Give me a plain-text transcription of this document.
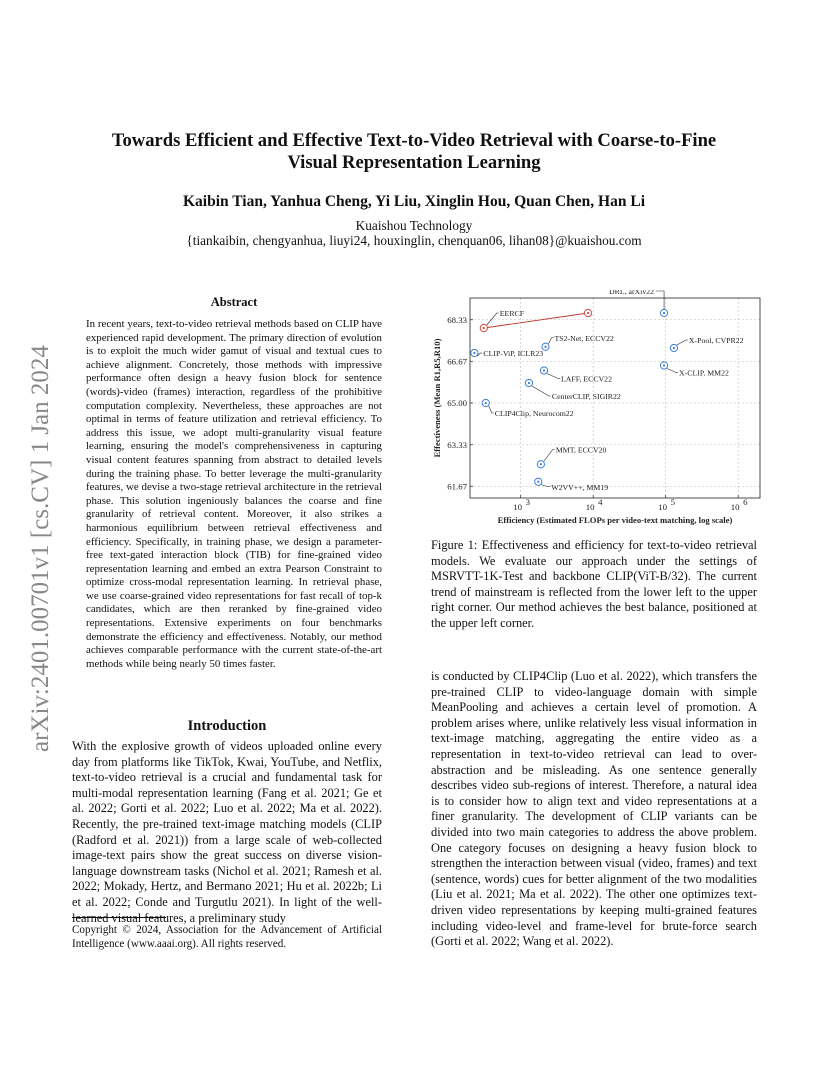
arXiv:2401.00701v1 [cs.CV] 1 Jan 2024
Towards Efficient and Effective Text-to-Video Retrieval with Coarse-to-Fine
Visual Representation Learning
Kaibin Tian, Yanhua Cheng, Yi Liu, Xinglin Hou, Quan Chen, Han Li
Kuaishou Technology
{tiankaibin, chengyanhua, liuyi24, houxinglin, chenquan06, lihan08}@kuaishou.com
Abstract
In recent years, text-to-video retrieval methods based on CLIP have experienced rapid development. The primary direction of evolution is to exploit the much wider gamut of visual and textual cues to achieve alignment. Concretely, those methods with impressive performance often design a heavy fusion block for sentence (words)-video (frames) interaction, regardless of the prohibitive computation complexity. Nevertheless, these approaches are not optimal in terms of feature utilization and retrieval efficiency. To address this issue, we adopt multi-granularity visual feature learning, ensuring the model's comprehensiveness in capturing visual content features spanning from abstract to detailed levels during the training phase. To better leverage the multi-granularity features, we devise a two-stage retrieval architecture in the retrieval phase. This solution ingeniously balances the coarse and fine granularity of retrieval content. Moreover, it also strikes a harmonious equilibrium between retrieval effectiveness and efficiency. Specifically, in training phase, we design a parameter-free text-gated interaction block (TIB) for fine-grained video representation learning and embed an extra Pearson Constraint to optimize cross-modal representation learning. In retrieval phase, we use coarse-grained video representations for fast recall of top-k candidates, which are then reranked by fine-grained video representations. Extensive experiments on four benchmarks demonstrate the efficiency and effectiveness. Notably, our method achieves comparable performance with the current state-of-the-art methods while being nearly 50 times faster.
Introduction
With the explosive growth of videos uploaded online every day from platforms like TikTok, Kwai, YouTube, and Netflix, text-to-video retrieval is a crucial and fundamental task for multi-modal representation learning (Fang et al. 2021; Ge et al. 2022; Gorti et al. 2022; Luo et al. 2022; Ma et al. 2022). Recently, the pre-trained text-image matching models (CLIP (Radford et al. 2021)) from a large scale of web-collected image-text pairs show the great success on diverse vision-language downstream tasks (Nichol et al. 2021; Ramesh et al. 2022; Mokady, Hertz, and Bermano 2021; Hu et al. 2022b; Li et al. 2022; Conde and Turgutlu 2021). In light of the well-learned visual features, a preliminary study
Copyright © 2024, Association for the Advancement of Artificial Intelligence (www.aaai.org). All rights reserved.
61.67
63.33
65.00
66.67
68.33
10 3	10 4	10 5	10 6
Efficiency (Estimated FLOPs per video-text matching, log scale)
Effectiveness (Mean R1,R5,R10)
EERCF
DRL, arXiv22
X-Pool, CVPR22
X-CLIP, MM22
TS2-Net, ECCV22
CLIP-ViP, ICLR23
LAFF, ECCV22
CenterCLIP, SIGIR22
CLIP4Clip, Neurocom22
MMT, ECCV20
W2VV++, MM19
Figure 1: Effectiveness and efficiency for text-to-video retrieval models. We evaluate our approach under the settings of MSRVTT-1K-Test and backbone CLIP(ViT-B/32). The current trend of mainstream is reflected from the lower left to the upper right corner. Our method achieves the best balance, positioned at the upper left corner.
is conducted by CLIP4Clip (Luo et al. 2022), which transfers the pre-trained CLIP to video-language domain with simple MeanPooling and achieves a certain level of promotion. A problem arises where, unlike relatively less visual information in text-image matching, aggregating the entire video as a representation in text-to-video retrieval can lead to over-abstraction and be misleading. As one sentence generally describes video sub-regions of interest. Therefore, a natural idea is to consider how to align text and video representations at a finer granularity. The development of CLIP variants can be divided into two main categories to address the above problem. One category focuses on designing a heavy fusion block to strengthen the interaction between visual (video, frames) and text (sentence, words) cues for better alignment of the two modalities (Liu et al. 2021; Ma et al. 2022). The other one optimizes text-driven video representations by keeping multi-grained features including video-level and frame-level for brute-force search (Gorti et al. 2022; Wang et al. 2022).
